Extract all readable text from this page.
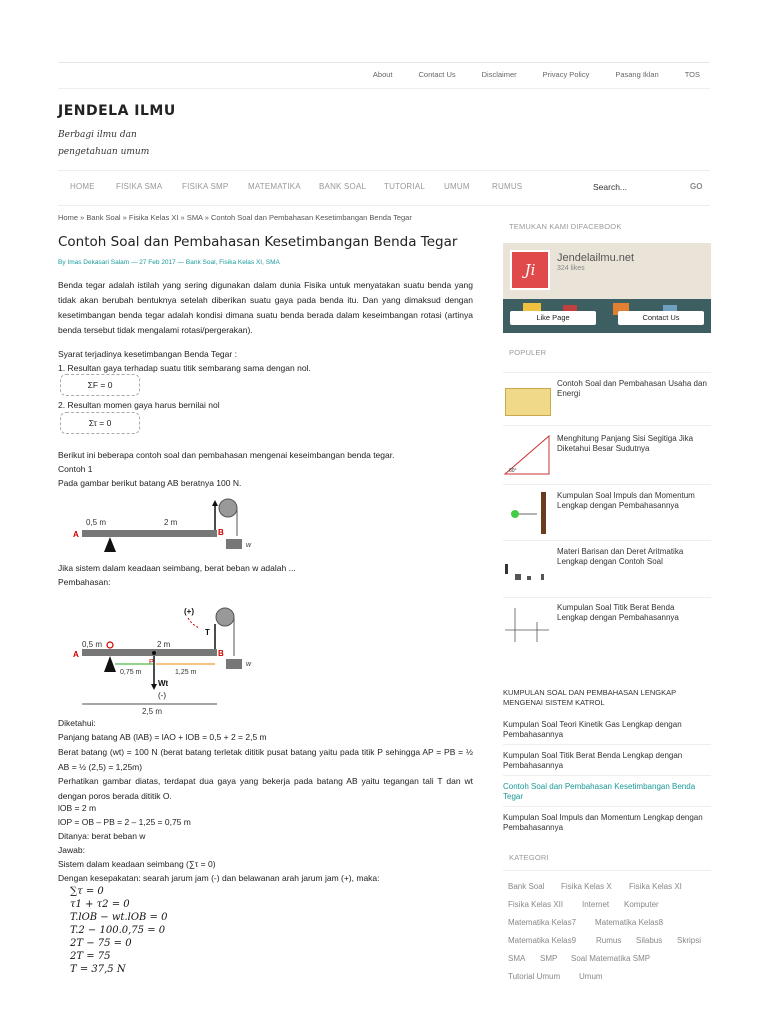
About	Contact Us	Disclaimer	Privacy Policy	Pasang Iklan	TOS
JENDELA ILMU
Berbagi ilmu dan pengetahuan umum
HOME	FISIKA SMA FISIKA SMP MATEMATIKA BANK SOAL TUTORIAL UMUM	RUMUS	Search...	GO
Home » Bank Soal » Fisika Kelas XI » SMA » Contoh Soal dan Pembahasan Kesetimbangan Benda Tegar
Contoh Soal dan Pembahasan Kesetimbangan Benda Tegar
By Imas Dekasari Salam — 27 Feb 2017 — Bank Soal, Fisika Kelas XI, SMA
Benda tegar adalah istilah yang sering digunakan dalam dunia Fisika untuk menyatakan suatu benda yang tidak akan berubah bentuknya setelah diberikan suatu gaya pada benda itu. Dan yang dimaksud dengan kesetimbangan benda tegar adalah kondisi dimana suatu benda berada dalam keseimbangan rotasi (artinya benda tersebut tidak mengalami rotasi/pergerakan).
Syarat terjadinya kesetimbangan Benda Tegar :
1. Resultan gaya terhadap suatu titik sembarang sama dengan nol.
ΣF = 0
2. Resultan momen gaya harus bernilai nol
Στ = 0
Berikut ini beberapa contoh soal dan pembahasan mengenai keseimbangan benda tegar.
Contoh 1
Pada gambar berikut batang AB beratnya 100 N.
A	B
w
0,5 m	2 m
Jika sistem dalam keadaan seimbang, berat beban w adalah ...
Pembahasan:
(+)
T
0,5 m	2 m
A	B
P	w
0,75 m	1,25 m
Wt
(-)
2,5 m
Diketahui:
Panjang batang AB (lAB) = lAO + lOB = 0,5 + 2 = 2,5 m
Berat batang (wt) = 100 N (berat batang terletak dititik pusat batang yaitu pada titik P sehingga AP = PB = ½ AB = ½ (2,5) = 1,25m)
Perhatikan gambar diatas, terdapat dua gaya yang bekerja pada batang AB yaitu tegangan tali T dan wt dengan poros berada dititik O.
lOB = 2 m
lOP = OB – PB = 2 – 1,25 = 0,75 m
Ditanya: berat beban w
Jawab:
Sistem dalam keadaan seimbang (∑τ = 0)
Dengan kesepakatan: searah jarum jam (-) dan belawanan arah jarum jam (+), maka:
∑τ = 0
τ1 + τ2 = 0
T.lOB − wt.lOB = 0
T.2 − 100.0,75 = 0
2T − 75 = 0
2T = 75
T = 37,5 N
TEMUKAN KAMI DIFACEBOOK
Ji
Jendelailmu.net
324 likes
Like Page	Contact Us
POPULER
Contoh Soal dan Pembahasan Usaha dan Energi
60°
Menghitung Panjang Sisi Segitiga Jika Diketahui Besar Sudutnya
Kumpulan Soal Impuls dan Momentum Lengkap dengan Pembahasannya
Materi Barisan dan Deret Aritmatika Lengkap dengan Contoh Soal
Kumpulan Soal Titik Berat Benda Lengkap dengan Pembahasannya
KUMPULAN SOAL DAN PEMBAHASAN LENGKAP MENGENAI SISTEM KATROL
Kumpulan Soal Teori Kinetik Gas Lengkap dengan Pembahasannya
Kumpulan Soal Titik Berat Benda Lengkap dengan Pembahasannya
Contoh Soal dan Pembahasan Kesetimbangan Benda Tegar
Kumpulan Soal Impuls dan Momentum Lengkap dengan Pembahasannya
KATEGORI
Bank Soal Fisika Kelas X Fisika Kelas XI
Fisika Kelas XII Internet Komputer
Matematika Kelas7 Matematika Kelas8
Matematika Kelas9 Rumus Silabus Skripsi
SMA SMP Soal Matematika SMP
Tutorial Umum Umum
